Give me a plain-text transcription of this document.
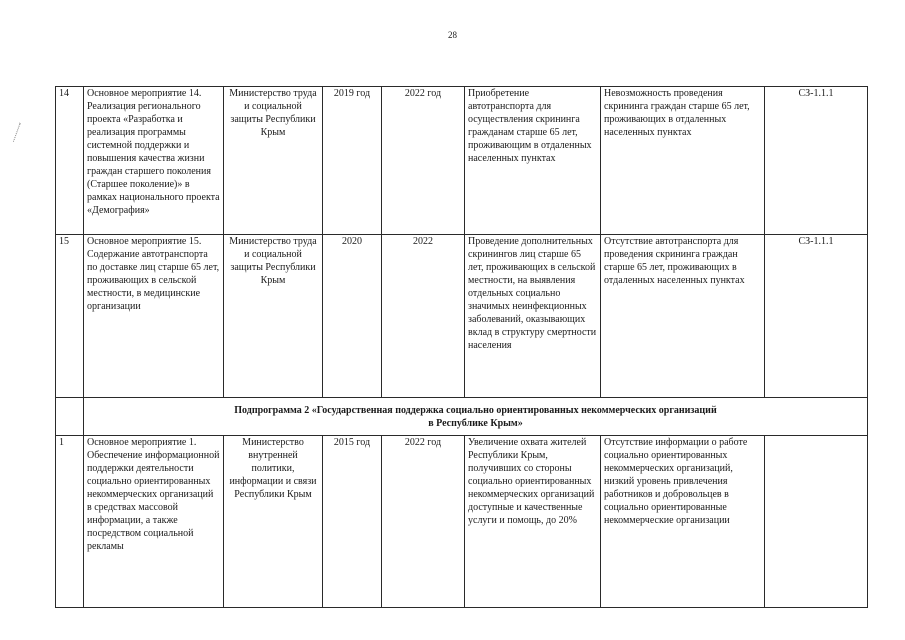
28
14	Основное мероприятие 14. Реализация регионального проекта «Разработка и реализация программы системной поддержки и повышения качества жизни граждан старшего поколения (Старшее поколение)» в рамках национального проекта «Демография»	Министерство труда и социальной защиты Республики Крым	2019 год	2022 год	Приобретение автотранспорта для осуществления скрининга гражданам старше 65 лет, проживающим в отдаленных населенных пунктах	Невозможность проведения скрининга граждан старше 65 лет, проживающих в отдаленных населенных пунктах	СЗ-1.1.1
15	Основное мероприятие 15. Содержание автотранспорта по доставке лиц старше 65 лет, проживающих в сельской местности, в медицинские организации	Министерство труда и социальной защиты Республики Крым	2020	2022	Проведение дополнительных скринингов лиц старше 65 лет, проживающих в сельской местности, на выявления отдельных социально значимых неинфекционных заболеваний, оказывающих вклад в структуру смертности населения	Отсутствие автотранспорта для проведения скрининга граждан старше 65 лет, проживающих в отдаленных населенных пунктах	СЗ-1.1.1
	Подпрограмма 2 «Государственная поддержка социально ориентированных некоммерческих организаций
в Республике Крым»						
1	Основное мероприятие 1. Обеспечение информационной поддержки деятельности социально ориентированных некоммерческих организаций в средствах массовой информации, а также посредством социальной рекламы	Министерство внутренней политики, информации и связи Республики Крым	2015 год	2022 год	Увеличение охвата жителей Республики Крым, получивших со стороны социально ориентированных некоммерческих организаций доступные и качественные услуги и помощь, до 20%	Отсутствие информации о работе социально ориентированных некоммерческих организаций, низкий уровень привлечения работников и добровольцев в социально ориентированные некоммерческие организации	
